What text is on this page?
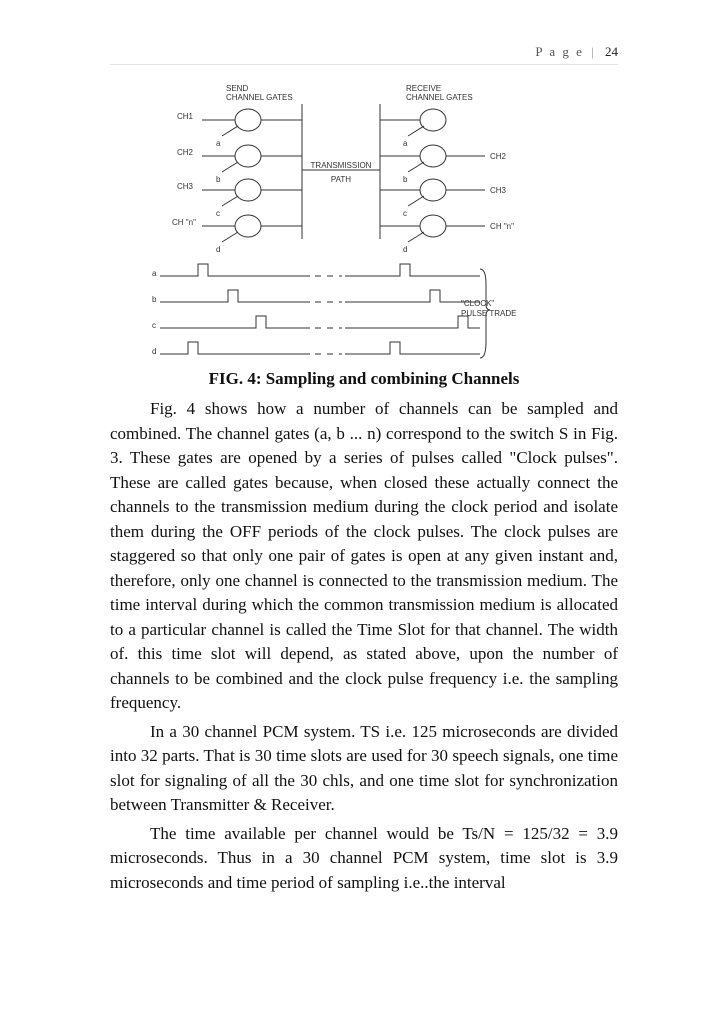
P a g e | 24
SEND
CHANNEL GATES
RECEIVE
CHANNEL GATES
CH1
CH2
CH3
CH "n"
CH2
CH3
CH "n"
a
b
c
d
a
b
c
d
TRANSMISSION
PATH
a
b
c
d
"CLOCK"
PULSE TRADE
FIG. 4: Sampling and combining Channels

Fig. 4 shows how a number of channels can be sampled and combined. The channel gates (a, b ... n) correspond to the switch S in Fig. 3. These gates are opened by a series of pulses called "Clock pulses". These are called gates because, when closed these actually connect the channels to the transmission medium during the clock period and isolate them during the OFF periods of the clock pulses. The clock pulses are staggered so that only one pair of gates is open at any given instant and, therefore, only one channel is connected to the transmission medium. The time interval during which the common transmission medium is allocated to a particular channel is called the Time Slot for that channel. The width of. this time slot will depend, as stated above, upon the number of channels to be combined and the clock pulse frequency i.e. the sampling frequency.

In a 30 channel PCM system. TS i.e. 125 microseconds are divided into 32 parts. That is 30 time slots are used for 30 speech signals, one time slot for signaling of all the 30 chls, and one time slot for synchronization between Transmitter & Receiver.

The time available per channel would be Ts/N = 125/32 = 3.9 microseconds. Thus in a 30 channel PCM system, time slot is 3.9 microseconds and time period of sampling i.e..the interval
